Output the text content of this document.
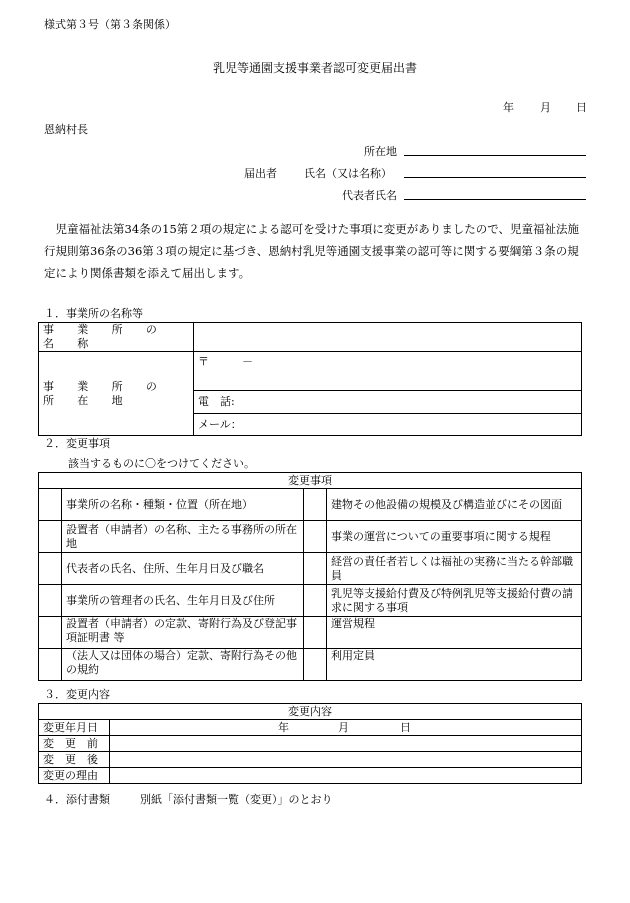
様式第３号（第３条関係）
乳児等通園支援事業者認可変更届出書
年 月 日
恩納村長
所在地
届出者 氏名（又は名称）
代表者氏名
児童福祉法第34条の15第２項の規定による認可を受けた事項に変更がありましたので、児童福祉法施行規則第36条の36第３項の規定に基づき、恩納村乳児等通園支援事業の認可等に関する要綱第３条の規定により関係書類を添えて届出します。
１．事業所の名称等
事 業 所 の 名 称	
事 業 所 の 所 在 地	〒　　　－
	電　話:
	メール：
２．変更事項
該当するものに〇をつけてください。
変更事項			
	事業所の名称・種類・位置（所在地）		建物その他設備の規模及び構造並びにその図面
	設置者（申請者）の名称、主たる事務所の所在地		事業の運営についての重要事項に関する規程
	代表者の氏名、住所、生年月日及び職名		経営の責任者若しくは福祉の実務に当たる幹部職員
	事業所の管理者の氏名、生年月日及び住所		乳児等支援給付費及び特例乳児等支援給付費の請求に関する事項
	設置者（申請者）の定款、寄附行為及び登記事項証明書 等		運営規程
	（法人又は団体の場合）定款、寄附行為その他の規約		利用定員
３．変更内容
変更内容	
変更年月日	年 月 日

変　更　前	
変　更　後	
変更の理由	
４．添付書類	別紙「添付書類一覧（変更）」のとおり
